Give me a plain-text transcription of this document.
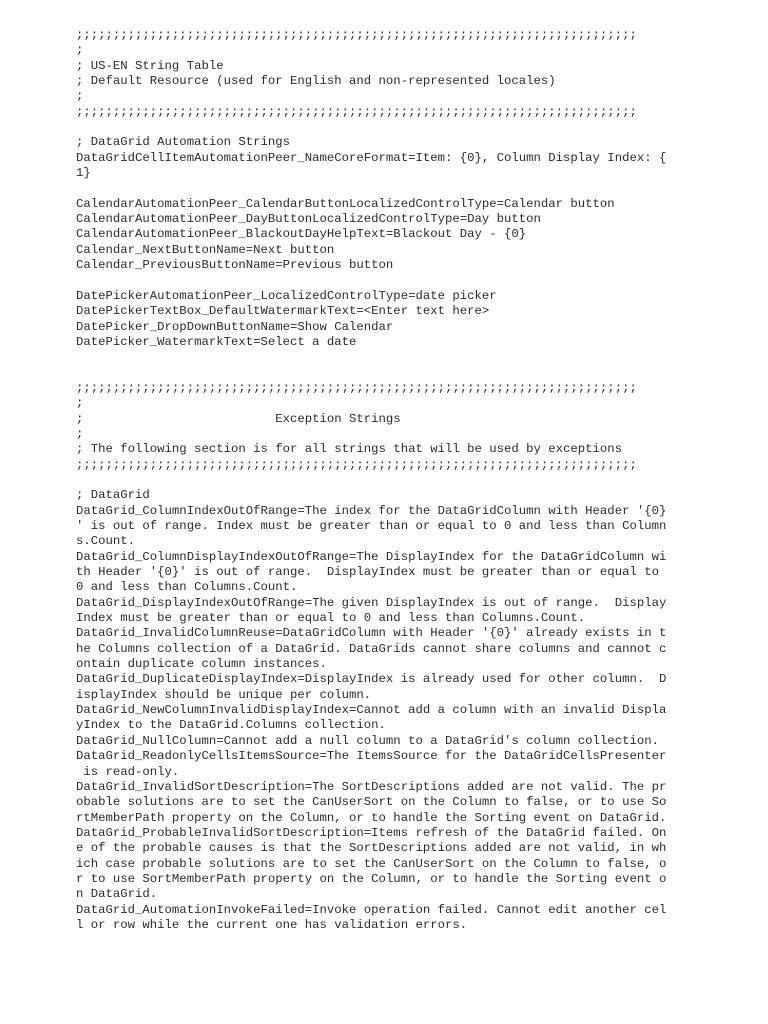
;;;;;;;;;;;;;;;;;;;;;;;;;;;;;;;;;;;;;;;;;;;;;;;;;;;;;;;;;;;;;;;;;;;;;;;;;;;;
;
; US-EN String Table
; Default Resource (used for English and non-represented locales)
;
;;;;;;;;;;;;;;;;;;;;;;;;;;;;;;;;;;;;;;;;;;;;;;;;;;;;;;;;;;;;;;;;;;;;;;;;;;;;
; DataGrid Automation Strings
DataGridCellItemAutomationPeer_NameCoreFormat=Item: {0}, Column Display Index: {
1}
CalendarAutomationPeer_CalendarButtonLocalizedControlType=Calendar button
CalendarAutomationPeer_DayButtonLocalizedControlType=Day button
CalendarAutomationPeer_BlackoutDayHelpText=Blackout Day - {0}
Calendar_NextButtonName=Next button
Calendar_PreviousButtonName=Previous button
DatePickerAutomationPeer_LocalizedControlType=date picker
DatePickerTextBox_DefaultWatermarkText=<Enter text here>
DatePicker_DropDownButtonName=Show Calendar
DatePicker_WatermarkText=Select a date
;;;;;;;;;;;;;;;;;;;;;;;;;;;;;;;;;;;;;;;;;;;;;;;;;;;;;;;;;;;;;;;;;;;;;;;;;;;;
;
;                          Exception Strings
;
; The following section is for all strings that will be used by exceptions
;;;;;;;;;;;;;;;;;;;;;;;;;;;;;;;;;;;;;;;;;;;;;;;;;;;;;;;;;;;;;;;;;;;;;;;;;;;;
; DataGrid
DataGrid_ColumnIndexOutOfRange=The index for the DataGridColumn with Header '{0}
' is out of range. Index must be greater than or equal to 0 and less than Column
s.Count.
DataGrid_ColumnDisplayIndexOutOfRange=The DisplayIndex for the DataGridColumn wi
th Header '{0}' is out of range.  DisplayIndex must be greater than or equal to
0 and less than Columns.Count.
DataGrid_DisplayIndexOutOfRange=The given DisplayIndex is out of range.  Display
Index must be greater than or equal to 0 and less than Columns.Count.
DataGrid_InvalidColumnReuse=DataGridColumn with Header '{0}' already exists in t
he Columns collection of a DataGrid. DataGrids cannot share columns and cannot c
ontain duplicate column instances.
DataGrid_DuplicateDisplayIndex=DisplayIndex is already used for other column.  D
isplayIndex should be unique per column.
DataGrid_NewColumnInvalidDisplayIndex=Cannot add a column with an invalid Displa
yIndex to the DataGrid.Columns collection.
DataGrid_NullColumn=Cannot add a null column to a DataGrid's column collection.
DataGrid_ReadonlyCellsItemsSource=The ItemsSource for the DataGridCellsPresenter
is read-only.
DataGrid_InvalidSortDescription=The SortDescriptions added are not valid. The pr
obable solutions are to set the CanUserSort on the Column to false, or to use So
rtMemberPath property on the Column, or to handle the Sorting event on DataGrid.
DataGrid_ProbableInvalidSortDescription=Items refresh of the DataGrid failed. On
e of the probable causes is that the SortDescriptions added are not valid, in wh
ich case probable solutions are to set the CanUserSort on the Column to false, o
r to use SortMemberPath property on the Column, or to handle the Sorting event o
n DataGrid.
DataGrid_AutomationInvokeFailed=Invoke operation failed. Cannot edit another cel
l or row while the current one has validation errors.
